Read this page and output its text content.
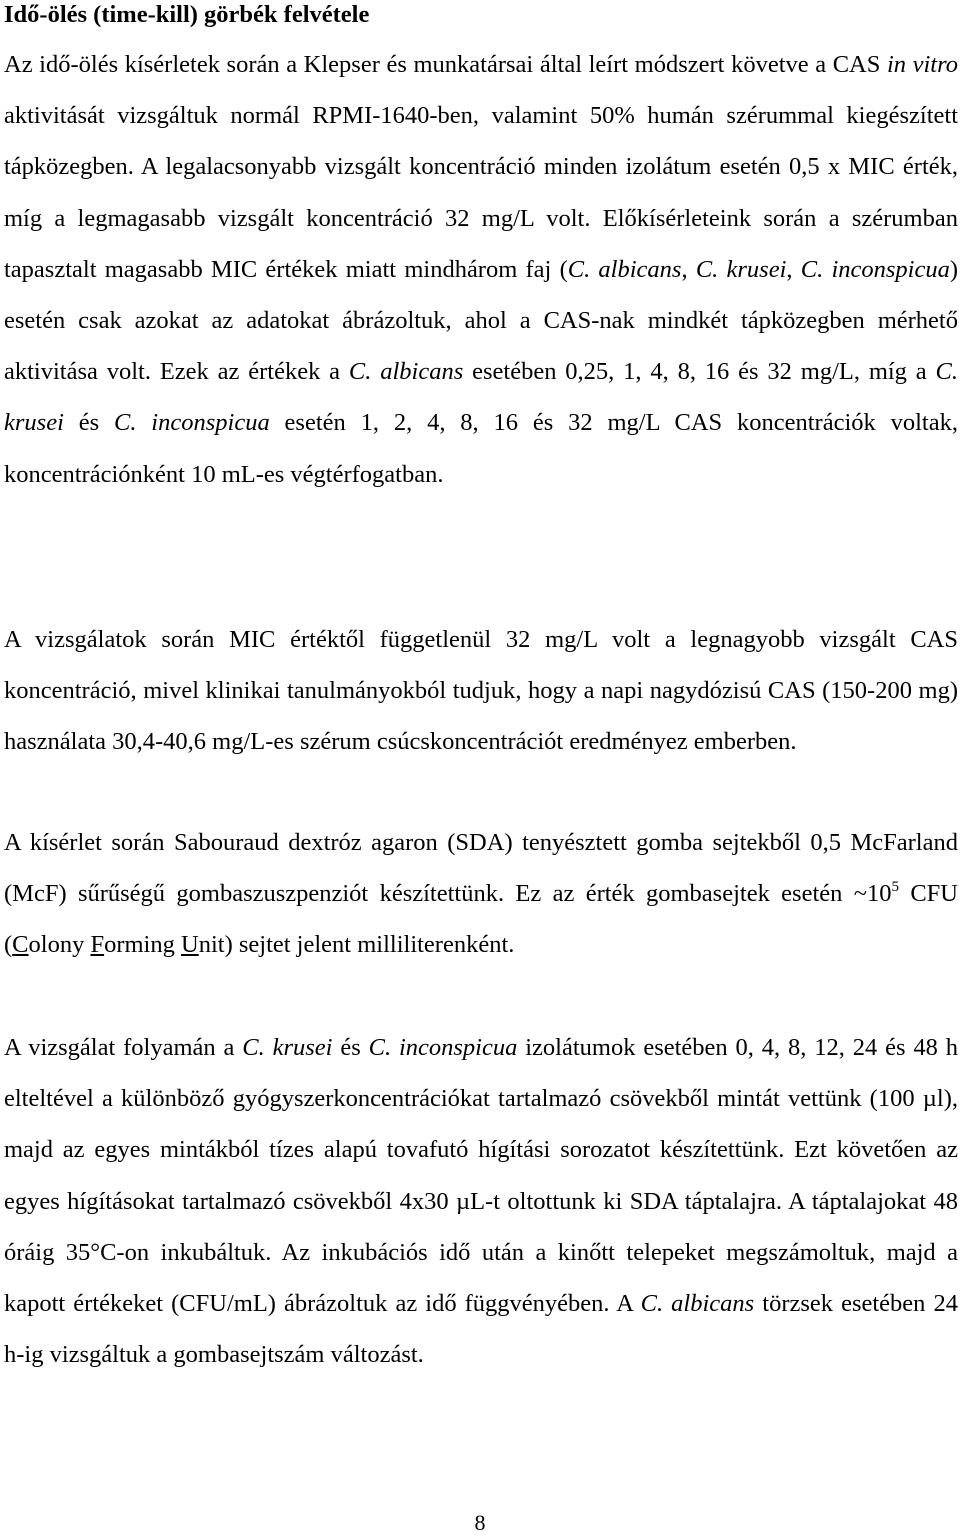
Idő-ölés (time-kill) görbék felvétele

Az idő-ölés kísérletek során a Klepser és munkatársai által leírt módszert követve a CAS in vitro aktivitását vizsgáltuk normál RPMI-1640-ben, valamint 50% humán szérummal kiegészített tápközegben. A legalacsonyabb vizsgált koncentráció minden izolátum esetén 0,5 x MIC érték, míg a legmagasabb vizsgált koncentráció 32 mg/L volt. Előkísérleteink során a szérumban tapasztalt magasabb MIC értékek miatt mindhárom faj (C. albicans, C. krusei, C. inconspicua) esetén csak azokat az adatokat ábrázoltuk, ahol a CAS-nak mindkét tápközegben mérhető aktivitása volt. Ezek az értékek a C. albicans esetében 0,25, 1, 4, 8, 16 és 32 mg/L, míg a C. krusei és C. inconspicua esetén 1, 2, 4, 8, 16 és 32 mg/L CAS koncentrációk voltak, koncentrációnként 10 mL-es végtérfogatban.

A vizsgálatok során MIC értéktől függetlenül 32 mg/L volt a legnagyobb vizsgált CAS koncentráció, mivel klinikai tanulmányokból tudjuk, hogy a napi nagydózisú CAS (150-200 mg) használata 30,4-40,6 mg/L-es szérum csúcskoncentrációt eredményez emberben.

A kísérlet során Sabouraud dextróz agaron (SDA) tenyésztett gomba sejtekből 0,5 McFarland (McF) sűrűségű gombaszuszpenziót készítettünk. Ez az érték gombasejtek esetén $\sim 10^5$ CFU (Colony Forming Unit) sejtet jelent milliliterenként.

A vizsgálat folyamán a C. krusei és C. inconspicua izolátumok esetében 0, 4, 8, 12, 24 és 48 h elteltével a különböző gyógyszerkoncentrációkat tartalmazó csövekből mintát vettünk (100 µl), majd az egyes mintákból tízes alapú tovafutó hígítási sorozatot készítettünk. Ezt követően az egyes hígításokat tartalmazó csövekből 4x30 µL-t oltottunk ki SDA táptalajra. A táptalajokat 48 óráig 35°C-on inkubáltuk. Az inkubációs idő után a kinőtt telepeket megszámoltuk, majd a kapott értékeket (CFU/mL) ábrázoltuk az idő függvényében. A C. albicans törzsek esetében 24 h-ig vizsgáltuk a gombasejtszám változást.

8
